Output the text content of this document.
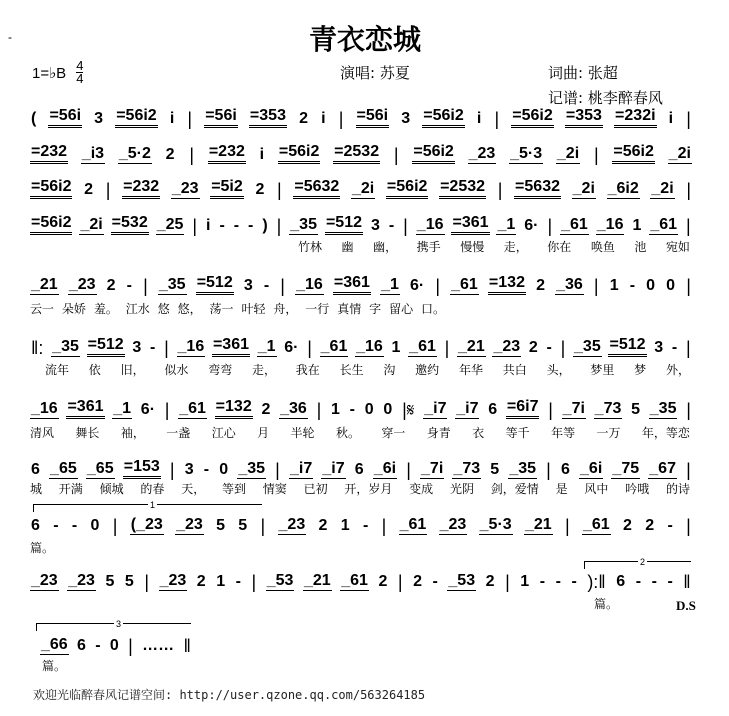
-	青衣恋城
1=♭B $\frac{4}{4}$	演唱: 苏夏	词曲: 张超
记谱: 桃李醉春风
( =56i 3 =56i2 i | =56i =353 2 i | =56i 3 =56i2 i | =56i2 =353 =232i i |
=232 _i3 _5·2 2 | =232 i =56i2 =2532 | =56i2 _23 _5·3 _2i | =56i2 _2i
=56i2 2 | =232 _23 =5i2 2 | =5632 _2i =56i2 =2532 | =5632 _2i _6i2 _2i |
=56i2 _2i =532 _25 | i - - - ) | _35 =512 3 - | _16 =361 _1 6· | _61 _16 1 _61 |
竹林 幽 幽， 携手 慢慢 走， 你在 唤鱼 池 宛如
_21 _23 2 - | _35 =512 3 - | _16 =361 _1 6· | _61 =132 2 _36 | 1 - 0 0 |
云一 朵娇 羞。 江水 悠 悠， 荡一 叶轻 舟， 一行 真情 字 留心 口。
‖: _35 =512 3 - | _16 =361 _1 6· | _61 _16 1 _61 | _21 _23 2 - | _35 =512 3 - |
流年 依 旧， 似水 弯弯 走， 我在 长生 沟 邀约 年华 共白 头， 梦里 梦 外，
_16 =361 _1 6· | _61 =132 2 _36 | 1 - 0 0 |𝄋 _i7 _i7 6 =6i7 | _7i _73 5 _35 |
清风 舞长 袖， 一盏 江心 月 半轮 秋。 穿一 身青 衣 等千 年等 一万 年，等恋
6 _65 _65 =153 | 3 - 0 _35 | _i7 _i7 6 _6i | _7i _73 5 _35 | 6 _6i _75 _67 |
城 开满 倾城 的春 天， 等到 情窦 已初 开，岁月 变成 光阴 剑，爱情 是 风中 吟哦 的诗
6 - - 0 | (_23 _23 5 5 | _23 2 1 - | _61 _23 _5·3 _21 | _61 2 2 - |
篇。
_23 _23 5 5 | _23 2 1 - | _53 _21 _61 2 | 2 - _53 2 | 1 - - - ):‖ 6 - - - ‖
篇。
_66 6 - 0 | …… ‖
篇。
1
2
3
D.S
欢迎光临醉春风记谱空间: http://user.qzone.qq.com/563264185
